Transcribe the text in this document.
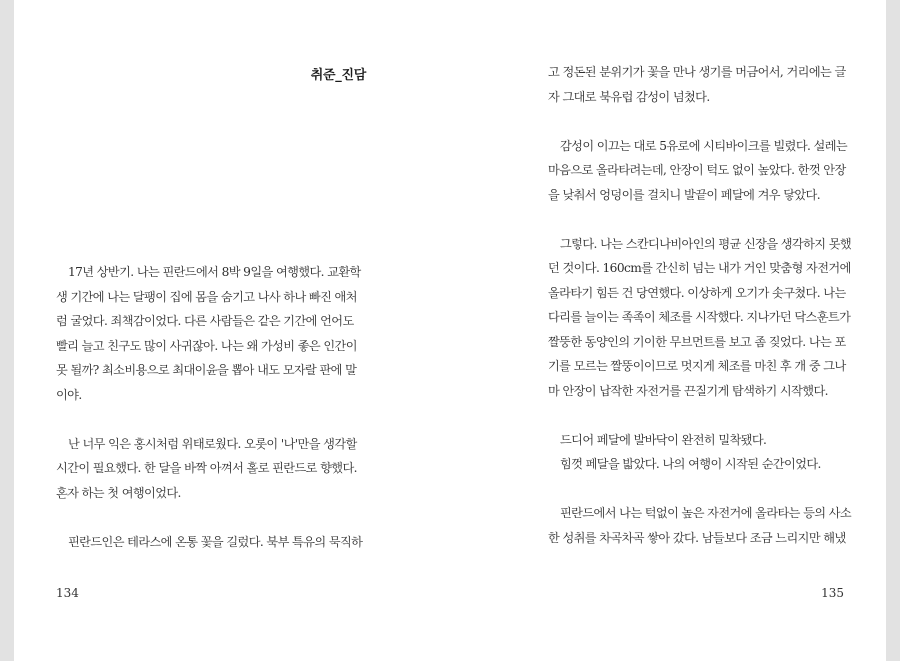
취준_진담

17년 상반기. 나는 핀란드에서 8박 9일을 여행했다. 교환학

생 기간에 나는 달팽이 집에 몸을 숨기고 나사 하나 빠진 애처

럼 굴었다. 죄책감이었다. 다른 사람들은 같은 기간에 언어도

빨리 늘고 친구도 많이 사귀잖아. 나는 왜 가성비 좋은 인간이

못 될까? 최소비용으로 최대이윤을 뽑아 내도 모자랄 판에 말

이야.

난 너무 익은 홍시처럼 위태로웠다. 오롯이 '나'만을 생각할

시간이 필요했다. 한 달을 바짝 아껴서 홀로 핀란드로 향했다.

혼자 하는 첫 여행이었다.

핀란드인은 테라스에 온통 꽃을 길렀다. 북부 특유의 묵직하

134

고 정돈된 분위기가 꽃을 만나 생기를 머금어서, 거리에는 글

자 그대로 북유럽 감성이 넘쳤다.

감성이 이끄는 대로 5유로에 시티바이크를 빌렸다. 설레는

마음으로 올라타려는데, 안장이 턱도 없이 높았다. 한껏 안장

을 낮춰서 엉덩이를 걸치니 발끝이 페달에 겨우 닿았다.

그렇다. 나는 스칸디나비아인의 평균 신장을 생각하지 못했

던 것이다. 160cm를 간신히 넘는 내가 거인 맞춤형 자전거에

올라타기 힘든 건 당연했다. 이상하게 오기가 솟구쳤다. 나는

다리를 늘이는 족족이 체조를 시작했다. 지나가던 닥스훈트가

짤뚱한 동양인의 기이한 무브먼트를 보고 좀 짖었다. 나는 포

기를 모르는 짤뚱이이므로 멋지게 체조를 마친 후 개 중 그나

마 안장이 납작한 자전거를 끈질기게 탐색하기 시작했다.

드디어 페달에 발바닥이 완전히 밀착됐다.

힘껏 페달을 밟았다. 나의 여행이 시작된 순간이었다.

핀란드에서 나는 턱없이 높은 자전거에 올라타는 등의 사소

한 성취를 차곡차곡 쌓아 갔다. 남들보다 조금 느리지만 해냈

135
